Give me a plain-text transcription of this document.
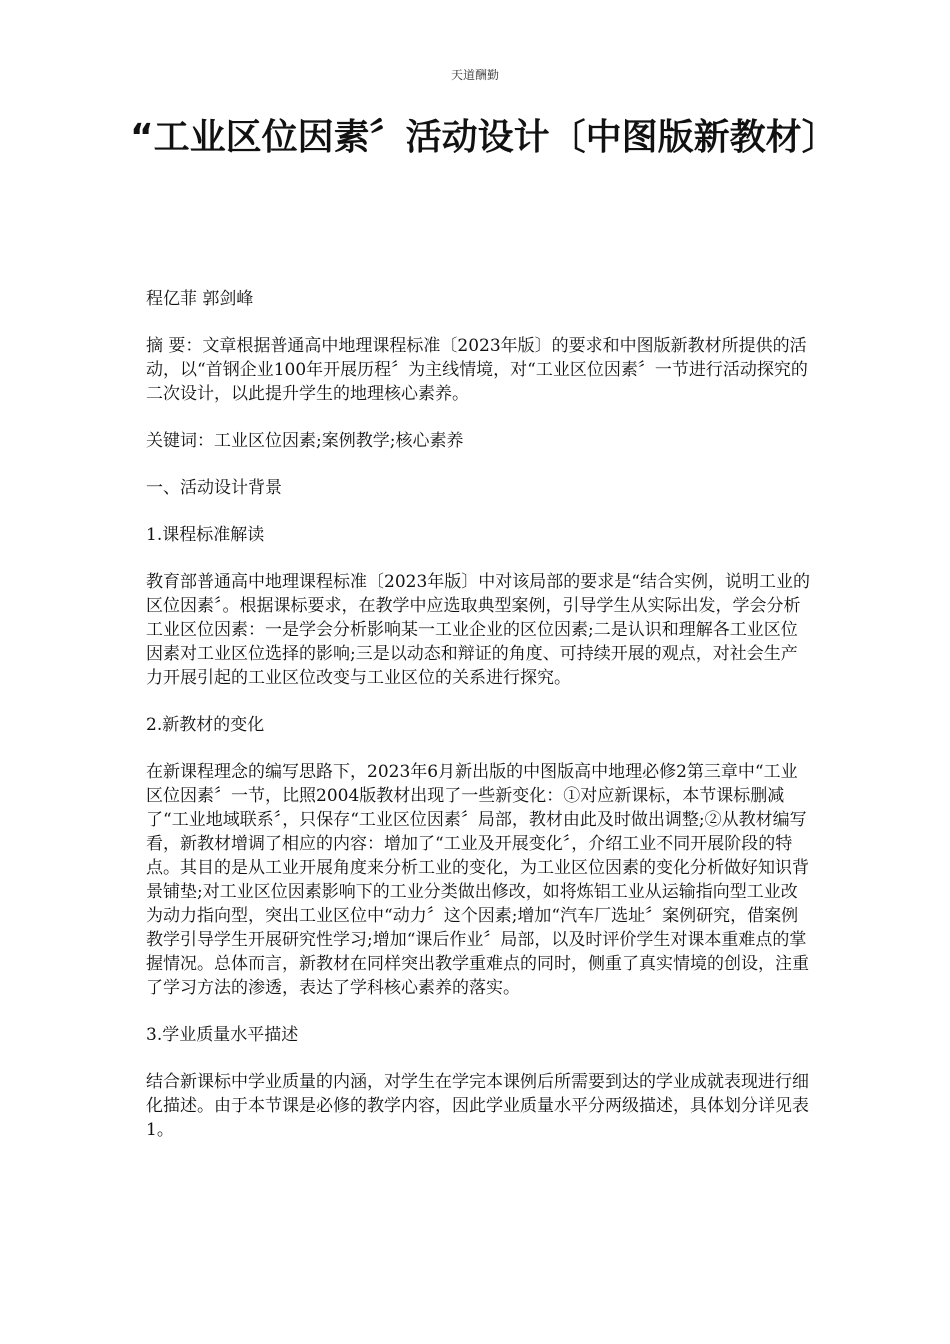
天道酬勤
“工业区位因素〞活动设计〔中图版新教材〕

程亿菲 郭剑峰

摘 要：文章根据普通高中地理课程标准〔2023年版〕的要求和中图版新教材所提供的活动，以“首钢企业100年开展历程〞为主线情境，对“工业区位因素〞一节进行活动探究的二次设计，以此提升学生的地理核心素养。

关键词：工业区位因素;案例教学;核心素养

一、活动设计背景

1.课程标准解读

教育部普通高中地理课程标准〔2023年版〕中对该局部的要求是“结合实例，说明工业的区位因素〞。根据课标要求，在教学中应选取典型案例，引导学生从实际出发，学会分析工业区位因素：一是学会分析影响某一工业企业的区位因素;二是认识和理解各工业区位因素对工业区位选择的影响;三是以动态和辩证的角度、可持续开展的观点，对社会生产力开展引起的工业区位改变与工业区位的关系进行探究。

2.新教材的变化

在新课程理念的编写思路下，2023年6月新出版的中图版高中地理必修2第三章中“工业区位因素〞一节，比照2004版教材出现了一些新变化：①对应新课标，本节课标删减了“工业地域联系〞，只保存“工业区位因素〞局部，教材由此及时做出调整;②从教材编写看，新教材增调了相应的内容：增加了“工业及开展变化〞，介绍工业不同开展阶段的特点。其目的是从工业开展角度来分析工业的变化，为工业区位因素的变化分析做好知识背景铺垫;对工业区位因素影响下的工业分类做出修改，如将炼铝工业从运输指向型工业改为动力指向型，突出工业区位中“动力〞这个因素;增加“汽车厂选址〞案例研究，借案例教学引导学生开展研究性学习;增加“课后作业〞局部，以及时评价学生对课本重难点的掌握情况。总体而言，新教材在同样突出教学重难点的同时，侧重了真实情境的创设，注重了学习方法的渗透，表达了学科核心素养的落实。

3.学业质量水平描述

结合新课标中学业质量的内涵，对学生在学完本课例后所需要到达的学业成就表现进行细化描述。由于本节课是必修的教学内容，因此学业质量水平分两级描述，具体划分详见表1。
